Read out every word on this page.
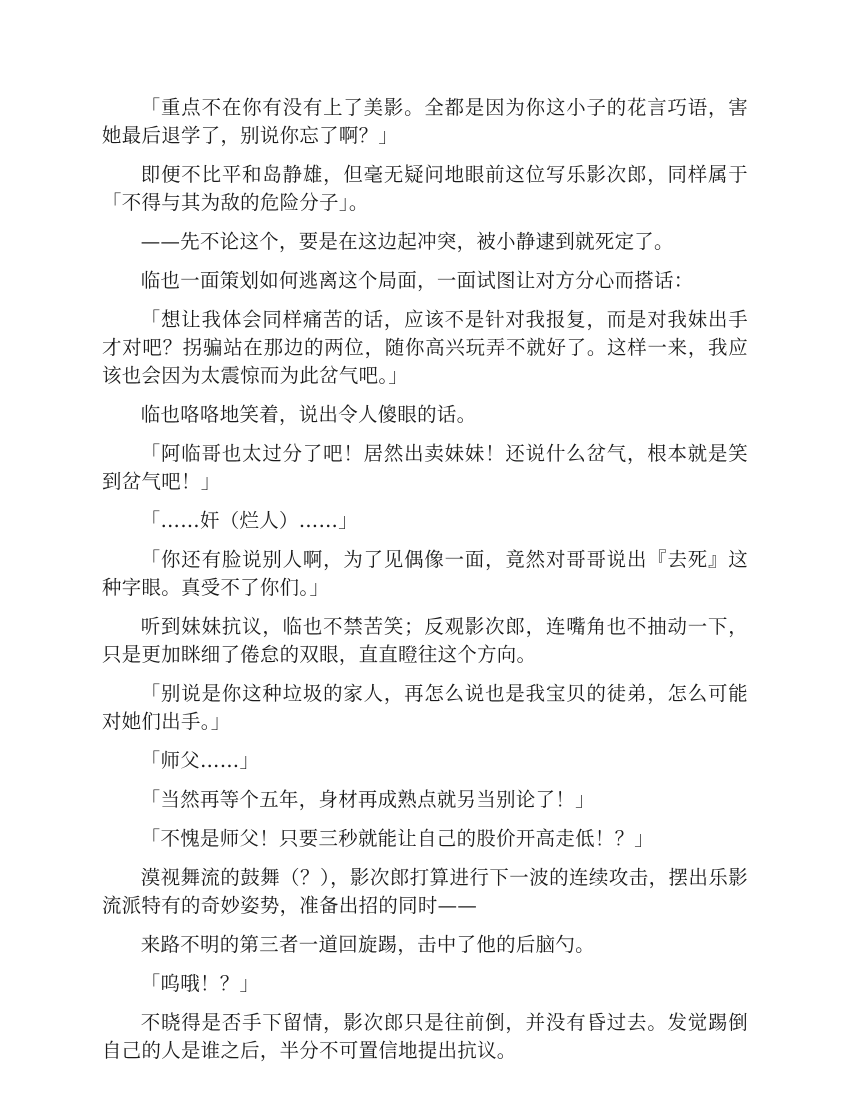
「重点不在你有没有上了美影。全都是因为你这小子的花言巧语，害她最后退学了，别说你忘了啊？」

即便不比平和岛静雄，但毫无疑问地眼前这位写乐影次郎，同样属于「不得与其为敌的危险分子」。

——先不论这个，要是在这边起冲突，被小静逮到就死定了。

临也一面策划如何逃离这个局面，一面试图让对方分心而搭话：

「想让我体会同样痛苦的话，应该不是针对我报复，而是对我妹出手才对吧？拐骗站在那边的两位，随你高兴玩弄不就好了。这样一来，我应该也会因为太震惊而为此岔气吧。」

临也咯咯地笑着，说出令人傻眼的话。

「阿临哥也太过分了吧！居然出卖妹妹！还说什么岔气，根本就是笑到岔气吧！」

「……奸（烂人）……」

「你还有脸说别人啊，为了见偶像一面，竟然对哥哥说出『去死』这种字眼。真受不了你们。」

听到妹妹抗议，临也不禁苦笑；反观影次郎，连嘴角也不抽动一下，只是更加眯细了倦怠的双眼，直直瞪往这个方向。

「别说是你这种垃圾的家人，再怎么说也是我宝贝的徒弟，怎么可能对她们出手。」

「师父……」

「当然再等个五年，身材再成熟点就另当别论了！」

「不愧是师父！只要三秒就能让自己的股价开高走低！？」

漠视舞流的鼓舞（？），影次郎打算进行下一波的连续攻击，摆出乐影流派特有的奇妙姿势，准备出招的同时——

来路不明的第三者一道回旋踢，击中了他的后脑勺。

「呜哦！？」

不晓得是否手下留情，影次郎只是往前倒，并没有昏过去。发觉踢倒自己的人是谁之后，半分不可置信地提出抗议。
